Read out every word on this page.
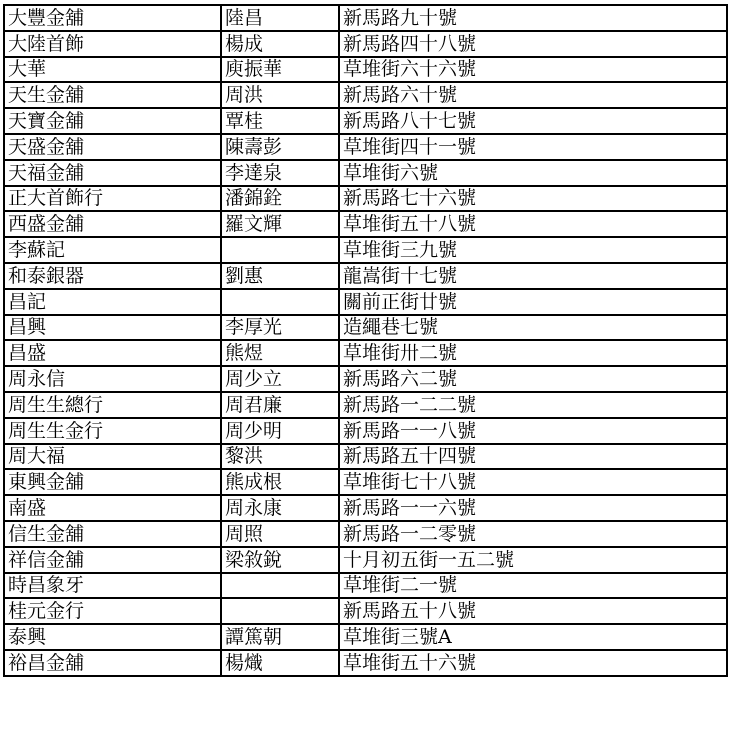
大豐金舖	陸昌	新馬路九十號
大陸首飾	楊成	新馬路四十八號
大華	庾振華	草堆街六十六號
天生金舖	周洪	新馬路六十號
天寶金舖	覃桂	新馬路八十七號
天盛金舖	陳壽彭	草堆街四十一號
天福金舖	李達泉	草堆街六號
正大首飾行	潘錦銓	新馬路七十六號
西盛金舖	羅文輝	草堆街五十八號
李蘇記		草堆街三九號
和泰銀器	劉惠	龍嵩街十七號
昌記		關前正街廿號
昌興	李厚光	造繩巷七號
昌盛	熊煜	草堆街卅二號
周永信	周少立	新馬路六二號
周生生總行	周君廉	新馬路一二二號
周生生金行	周少明	新馬路一一八號
周大福	黎洪	新馬路五十四號
東興金舖	熊成根	草堆街七十八號
南盛	周永康	新馬路一一六號
信生金舖	周照	新馬路一二零號
祥信金舖	梁敘銳	十月初五街一五二號
時昌象牙		草堆街二一號
桂元金行		新馬路五十八號
泰興	譚篤朝	草堆街三號A
裕昌金舖	楊熾	草堆街五十六號
